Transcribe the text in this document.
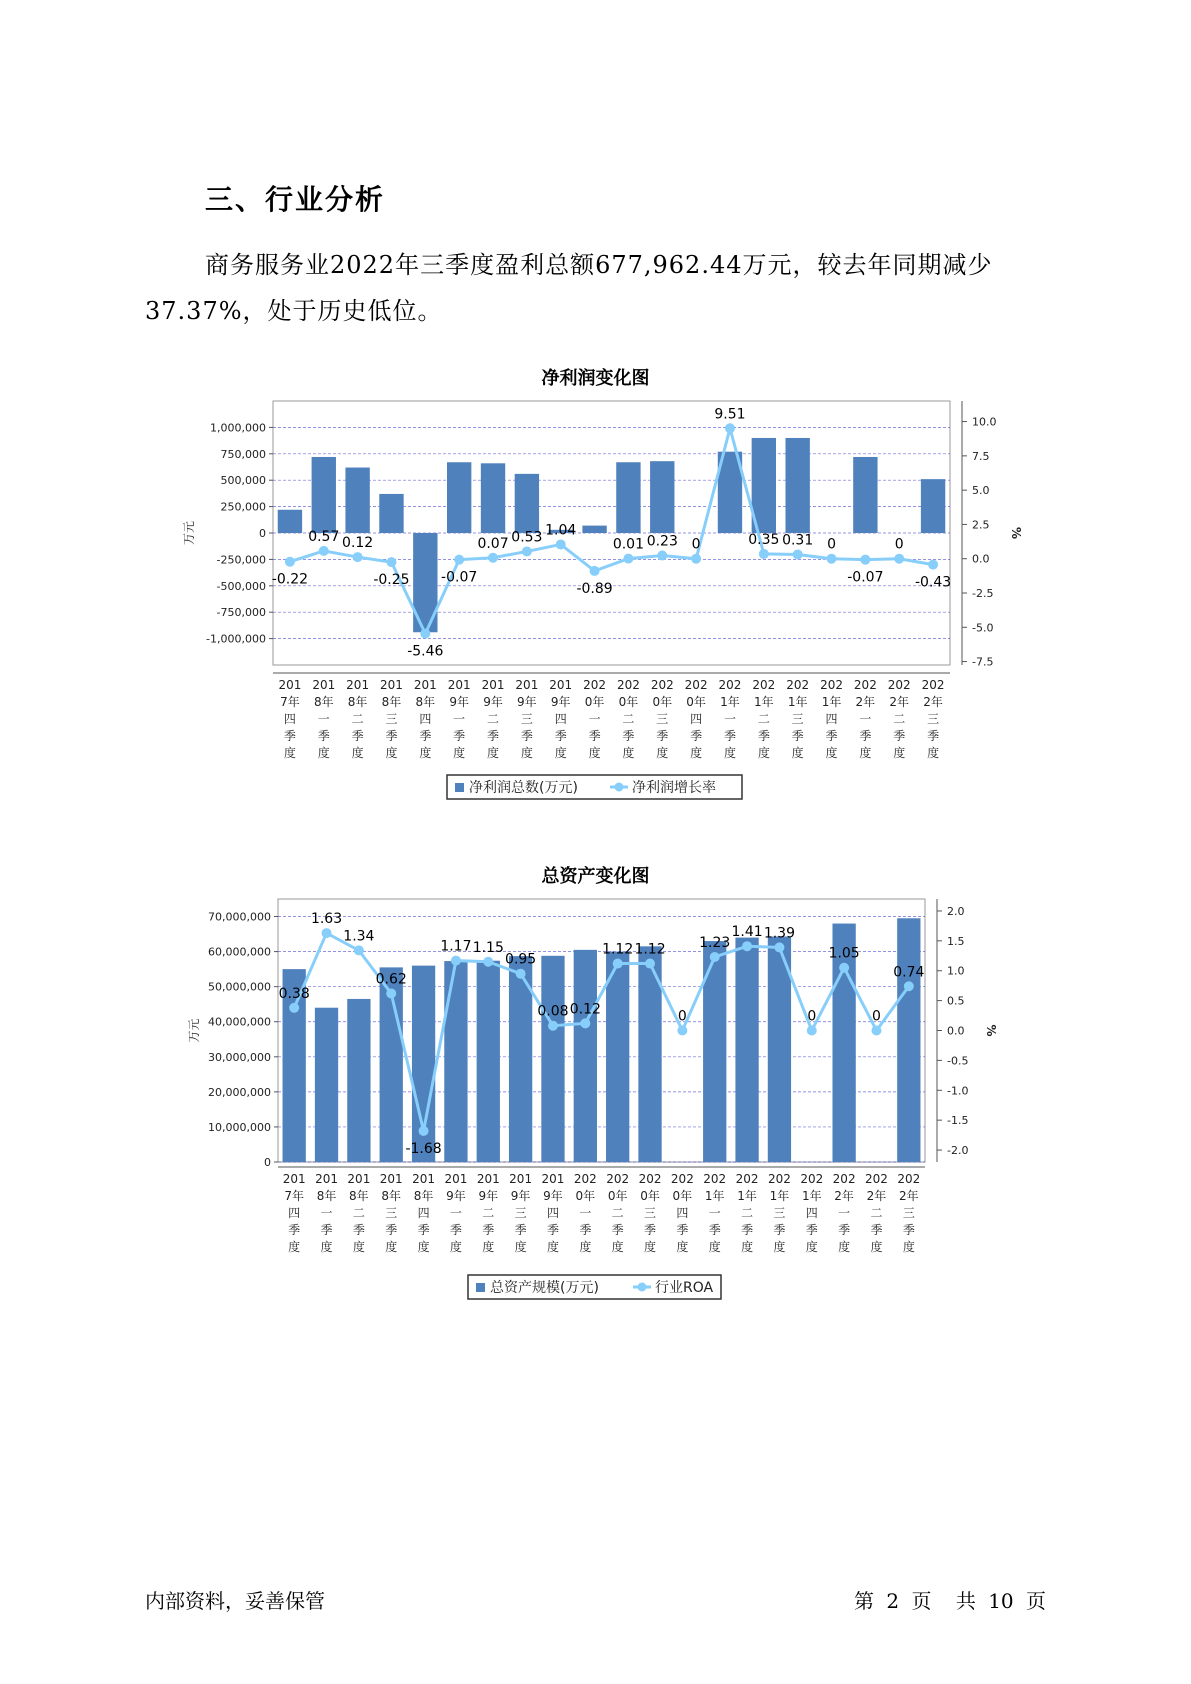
三、行业分析
商务服务业2022年三季度盈利总额677,962.44万元，较去年同期减少37.37%，处于历史低位。
净利润变化图
-1,000,000
-750,000
-500,000
-250,000
0
250,000
500,000
750,000
1,000,000
-7.5
-5.0
-2.5
0.0
2.5
5.0
7.5
10.0
万元	%
-0.22
0.57 0.12
-0.25
-5.46
-0.07
0.07 0.53 1.04
-0.89
0.01 0.23 0
9.51
0.35 0.31 0
-0.07
0
-0.43
201 7年四季度
201 8年一季度
201 8年二季度
201 8年三季度
201 8年四季度
201 9年一季度
201 9年二季度
201 9年三季度
201 9年四季度
202 0年一季度
202 0年二季度
202 0年三季度
202 0年四季度
202 1年一季度
202 1年二季度
202 1年三季度
202 1年四季度
202 2年一季度
202 2年二季度
202 2年三季度
净利润总数(万元)	净利润增长率
总资产变化图
0
10,000,000
20,000,000
30,000,000
40,000,000
50,000,000
60,000,000
70,000,000
-2.0
-1.5
-1.0
-0.5
0.0
0.5
1.0
1.5
2.0
万元	%
0.38
1.63
1.34
0.62
-1.68
1.17 1.15
0.95
0.08 0.12
1.12 1.12
0
1.23
1.41 1.39
0
1.05
0
0.74
201 7年四季度
201 8年一季度
201 8年二季度
201 8年三季度
201 8年四季度
201 9年一季度
201 9年二季度
201 9年三季度
201 9年四季度
202 0年一季度
202 0年二季度
202 0年三季度
202 0年四季度
202 1年一季度
202 1年二季度
202 1年三季度
202 1年四季度
202 2年一季度
202 2年二季度
202 2年三季度
总资产规模(万元)	行业ROA
内部资料，妥善保管	第 2 页 共 10 页
